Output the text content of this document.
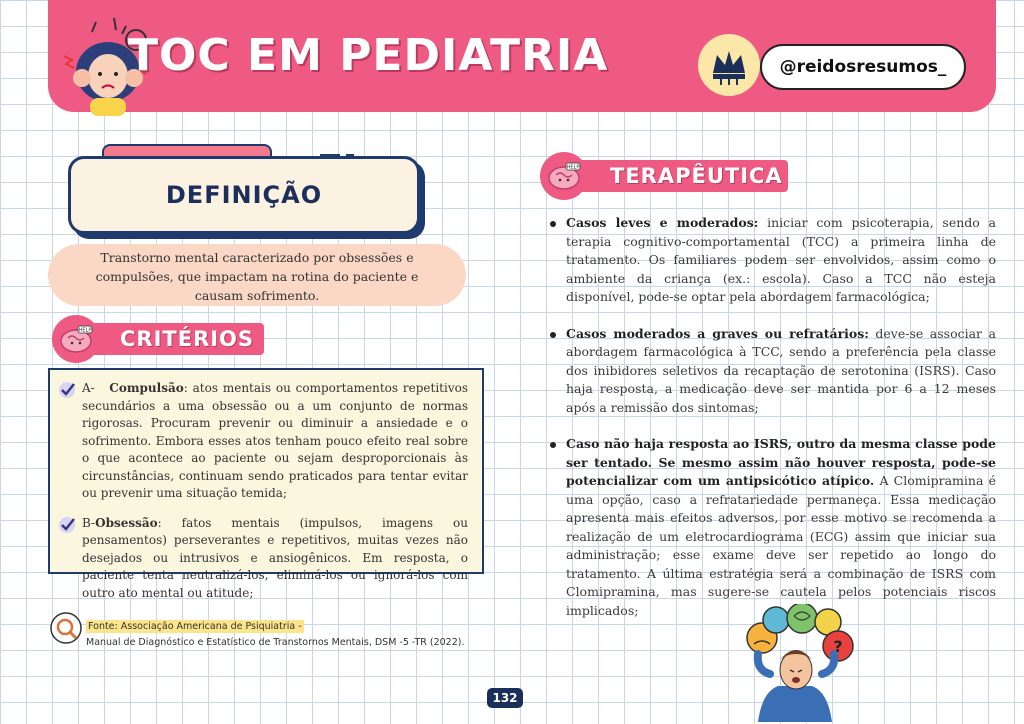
TOC EM PEDIATRIA	@reidosresumos_
DEFINIÇÃO
Transtorno mental caracterizado por obsessões e compulsões, que impactam na rotina do paciente e causam sofrimento.
CRITÉRIOS
HELP
A- Compulsão: atos mentais ou comportamentos repetitivos secundários a uma obsessão ou a um conjunto de normas rigorosas. Procuram prevenir ou diminuir a ansiedade e o sofrimento. Embora esses atos tenham pouco efeito real sobre o que acontece ao paciente ou sejam desproporcionais às circunstâncias, continuam sendo praticados para tentar evitar ou prevenir uma situação temida;
B-Obsessão: fatos mentais (impulsos, imagens ou pensamentos) perseverantes e repetitivos, muitas vezes não desejados ou intrusivos e ansiogênicos. Em resposta, o paciente tenta neutralizá-los, eliminá-los ou ignorá-los com outro ato mental ou atitude;
Fonte: Associação Americana de Psiquiatria -
Manual de Diagnóstico e Estatístico de Transtornos Mentais, DSM -5 -TR (2022).
TERAPÊUTICA
HELP
Casos leves e moderados: iniciar com psicoterapia, sendo a terapia cognitivo-comportamental (TCC) a primeira linha de tratamento. Os familiares podem ser envolvidos, assim como o ambiente da criança (ex.: escola). Caso a TCC não esteja disponível, pode-se optar pela abordagem farmacológica;
Casos moderados a graves ou refratários: deve-se associar a abordagem farmacológica à TCC, sendo a preferência pela classe dos inibidores seletivos da recaptação de serotonina (ISRS). Caso haja resposta, a medicação deve ser mantida por 6 a 12 meses após a remissão dos sintomas;
Caso não haja resposta ao ISRS, outro da mesma classe pode ser tentado. Se mesmo assim não houver resposta, pode-se potencializar com um antipsicótico atípico. A Clomipramina é uma opção, caso a refratariedade permaneça. Essa medicação apresenta mais efeitos adversos, por esse motivo se recomenda a realização de um eletrocardiograma (ECG) assim que iniciar sua administração; esse exame deve ser repetido ao longo do tratamento. A última estratégia será a combinação de ISRS com Clomipramina, mas sugere-se cautela pelos potenciais riscos implicados;
?
132
